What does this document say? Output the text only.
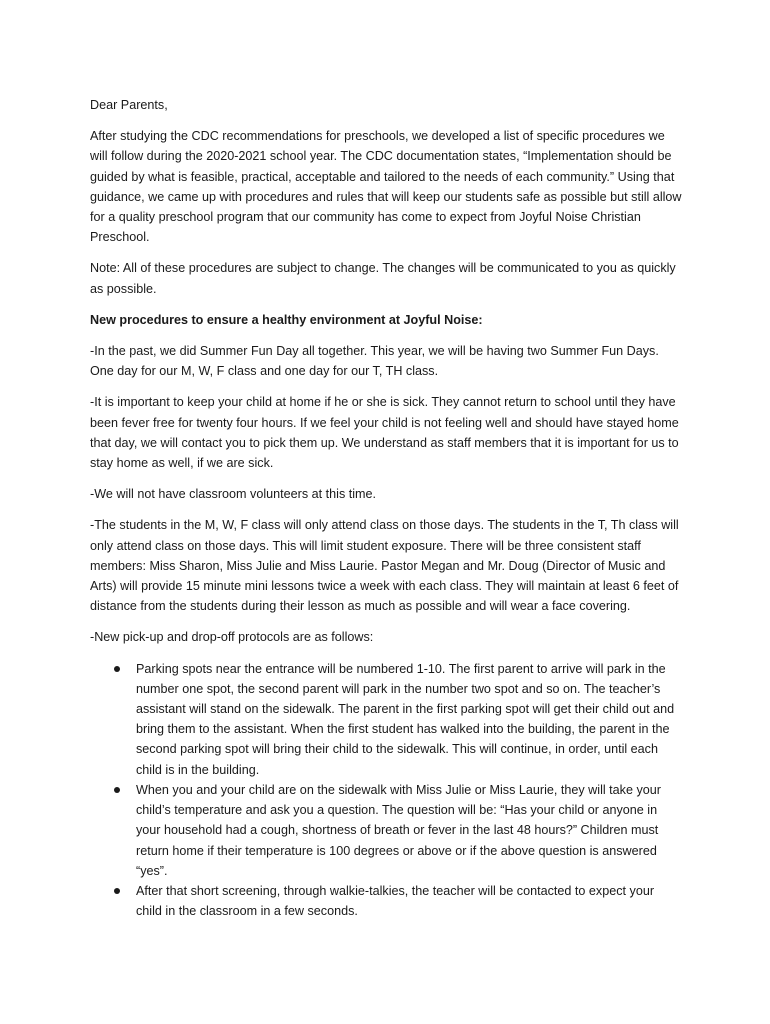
Dear Parents,

After studying the CDC recommendations for preschools, we developed a list of specific procedures we will follow during the 2020-2021 school year. The CDC documentation states, “Implementation should be guided by what is feasible, practical, acceptable and tailored to the needs of each community.” Using that guidance, we came up with procedures and rules that will keep our students safe as possible but still allow for a quality preschool program that our community has come to expect from Joyful Noise Christian Preschool.

Note: All of these procedures are subject to change. The changes will be communicated to you as quickly as possible.

New procedures to ensure a healthy environment at Joyful Noise:

-In the past, we did Summer Fun Day all together. This year, we will be having two Summer Fun Days. One day for our M, W, F class and one day for our T, TH class.

-It is important to keep your child at home if he or she is sick. They cannot return to school until they have been fever free for twenty four hours. If we feel your child is not feeling well and should have stayed home that day, we will contact you to pick them up. We understand as staff members that it is important for us to stay home as well, if we are sick.

-We will not have classroom volunteers at this time.

-The students in the M, W, F class will only attend class on those days. The students in the T, Th class will only attend class on those days. This will limit student exposure. There will be three consistent staff members: Miss Sharon, Miss Julie and Miss Laurie. Pastor Megan and Mr. Doug (Director of Music and Arts) will provide 15 minute mini lessons twice a week with each class. They will maintain at least 6 feet of distance from the students during their lesson as much as possible and will wear a face covering.

-New pick-up and drop-off protocols are as follows:

Parking spots near the entrance will be numbered 1-10. The first parent to arrive will park in the number one spot, the second parent will park in the number two spot and so on. The teacher’s assistant will stand on the sidewalk. The parent in the first parking spot will get their child out and bring them to the assistant. When the first student has walked into the building, the parent in the second parking spot will bring their child to the sidewalk. This will continue, in order, until each child is in the building.
When you and your child are on the sidewalk with Miss Julie or Miss Laurie, they will take your child’s temperature and ask you a question. The question will be: “Has your child or anyone in your household had a cough, shortness of breath or fever in the last 48 hours?” Children must return home if their temperature is 100 degrees or above or if the above question is answered “yes”.
After that short screening, through walkie-talkies, the teacher will be contacted to expect your child in the classroom in a few seconds.
